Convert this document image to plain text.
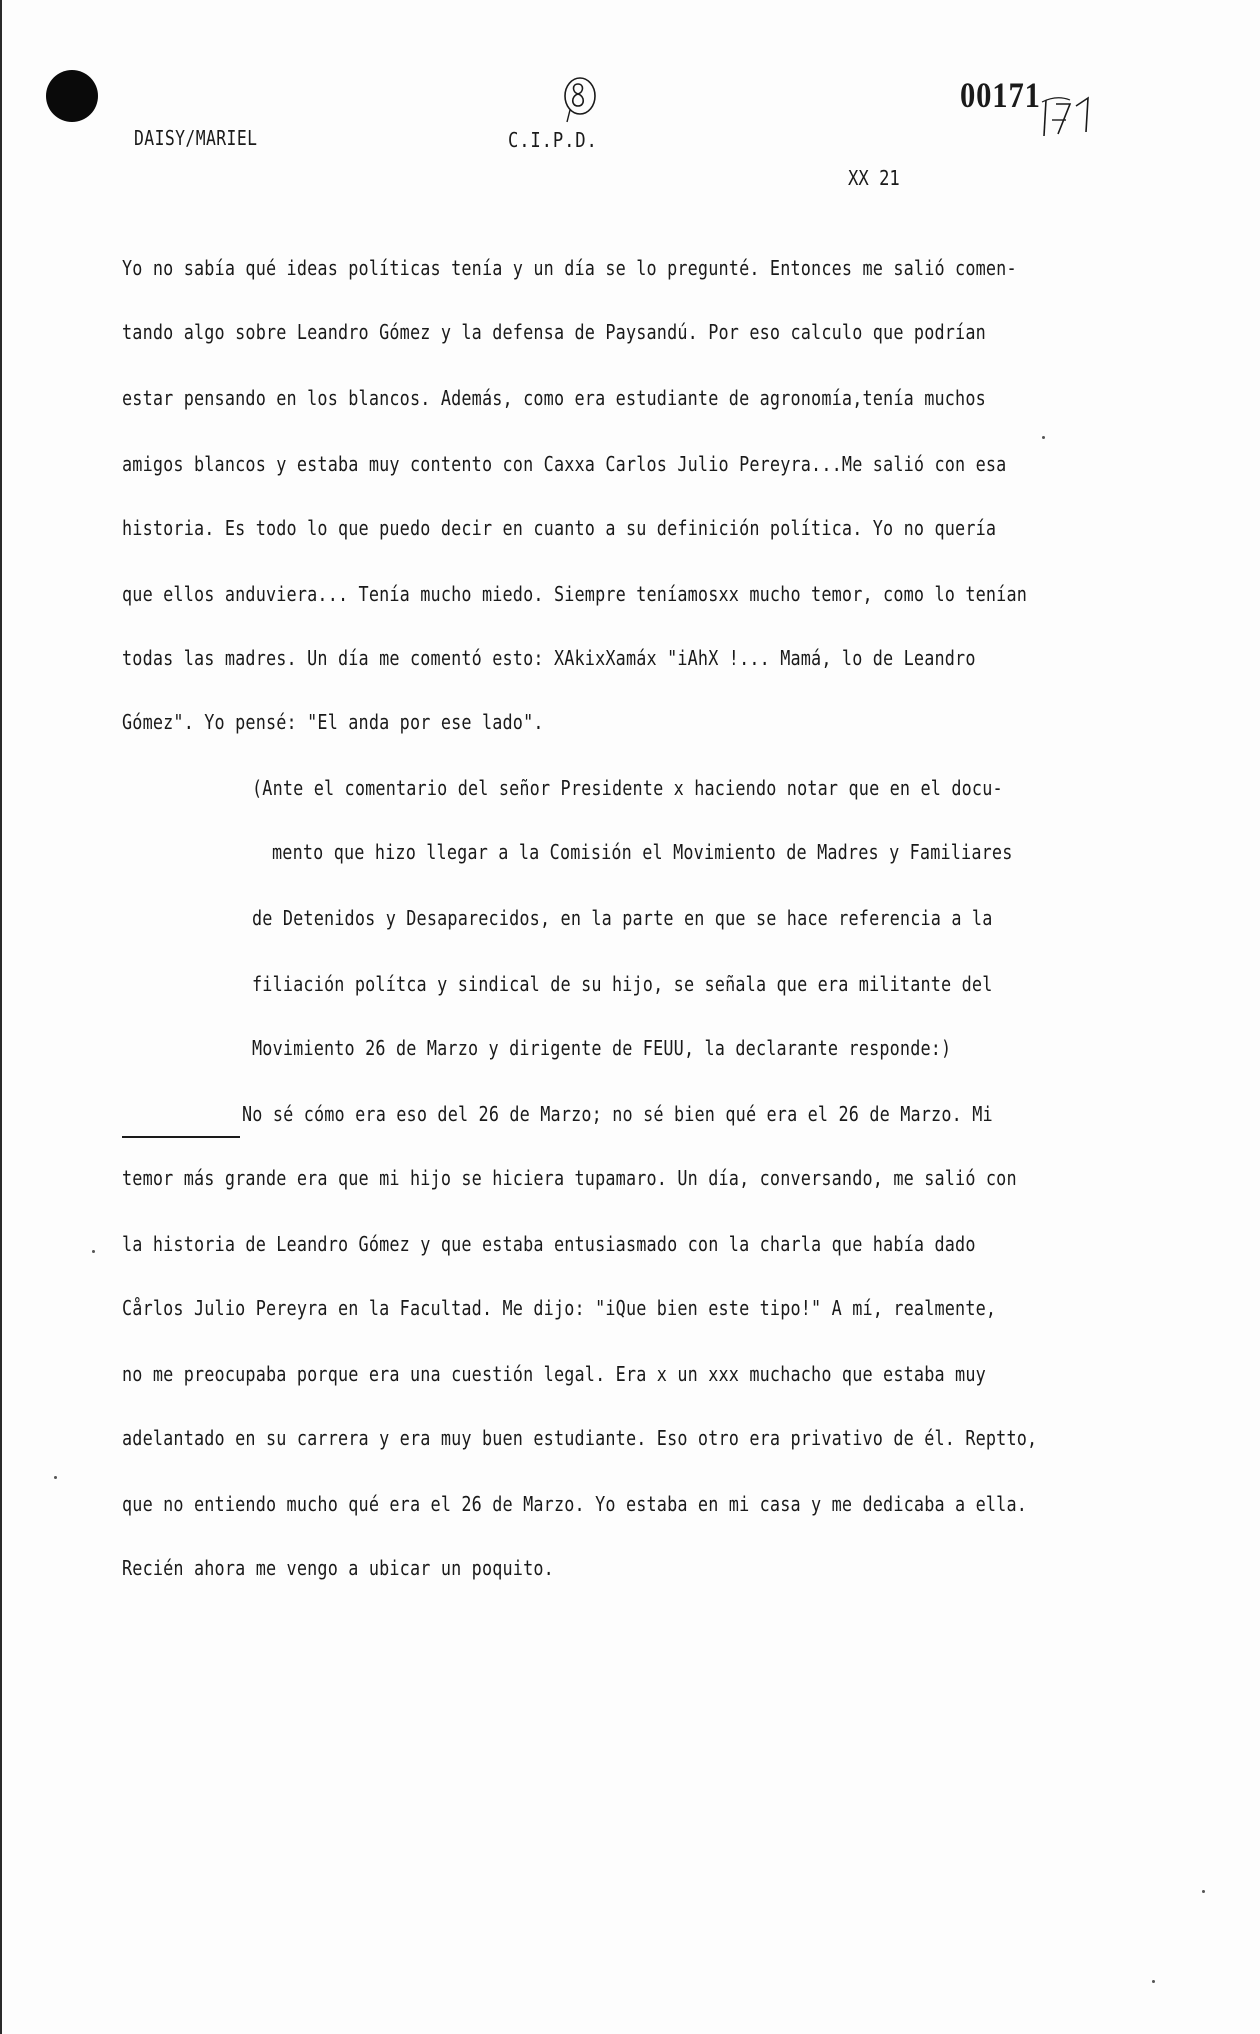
DAISY/MARIEL	C.I.P.D.
00171
XX 21
Yo no sabía qué ideas políticas tenía y un día se lo pregunté. Entonces me salió comen-
tando algo sobre Leandro Gómez y la defensa de Paysandú. Por eso calculo que podrían
estar pensando en los blancos. Además, como era estudiante de agronomía,tenía muchos
amigos blancos y estaba muy contento con Caxxa Carlos Julio Pereyra...Me salió con esa
historia. Es todo lo que puedo decir en cuanto a su definición política. Yo no quería
que ellos anduviera... Tenía mucho miedo. Siempre teníamosxx mucho temor, como lo tenían
todas las madres. Un día me comentó esto: XAkixXamáx "iAhX !... Mamá, lo de Leandro
Gómez". Yo pensé: "El anda por ese lado".
(Ante el comentario del señor Presidente x haciendo notar que en el docu-
mento que hizo llegar a la Comisión el Movimiento de Madres y Familiares
de Detenidos y Desaparecidos, en la parte en que se hace referencia a la
filiación polítca y sindical de su hijo, se señala que era militante del
Movimiento 26 de Marzo y dirigente de FEUU, la declarante responde:)
No sé cómo era eso del 26 de Marzo; no sé bien qué era el 26 de Marzo. Mi
temor más grande era que mi hijo se hiciera tupamaro. Un día, conversando, me salió con
la historia de Leandro Gómez y que estaba entusiasmado con la charla que había dado
Cårlos Julio Pereyra en la Facultad. Me dijo: "iQue bien este tipo!" A mí, realmente,
no me preocupaba porque era una cuestión legal. Era x un xxx muchacho que estaba muy
adelantado en su carrera y era muy buen estudiante. Eso otro era privativo de él. Reptto,
que no entiendo mucho qué era el 26 de Marzo. Yo estaba en mi casa y me dedicaba a ella.
Recién ahora me vengo a ubicar un poquito.
